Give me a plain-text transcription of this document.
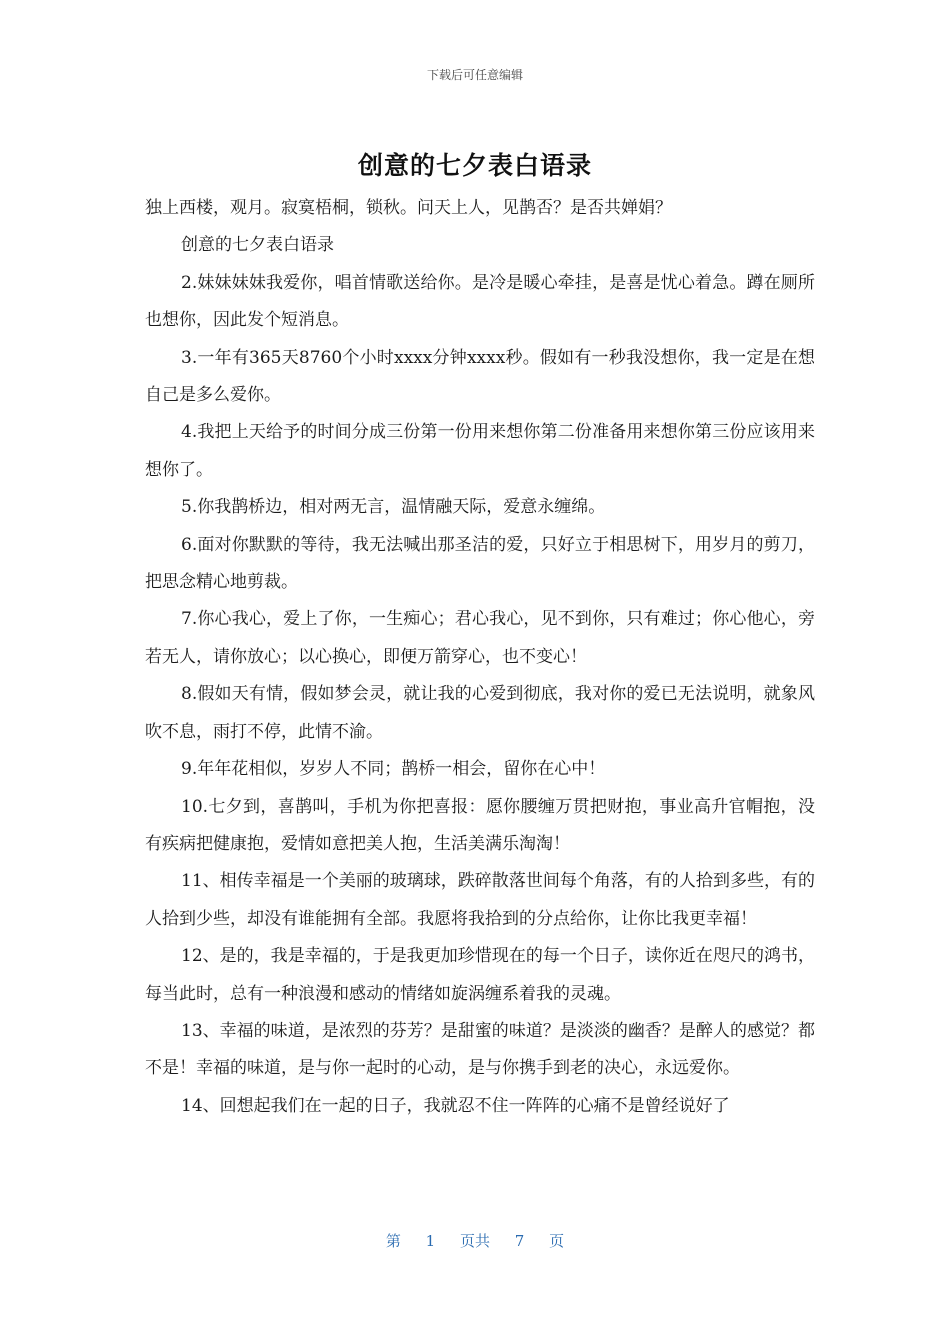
下载后可任意编辑
创意的七夕表白语录

独上西楼，观月。寂寞梧桐，锁秋。问天上人，见鹊否？是否共婵娟？

创意的七夕表白语录

2.妹妹妹妹我爱你，唱首情歌送给你。是冷是暖心牵挂，是喜是忧心着急。蹲在厕所也想你，因此发个短消息。

3.一年有365天8760个小时xxxx分钟xxxx秒。假如有一秒我没想你，我一定是在想自己是多么爱你。

4.我把上天给予的时间分成三份第一份用来想你第二份准备用来想你第三份应该用来想你了。

5.你我鹊桥边，相对两无言，温情融天际，爱意永缠绵。

6.面对你默默的等待，我无法喊出那圣洁的爱，只好立于相思树下，用岁月的剪刀，把思念精心地剪裁。

7.你心我心，爱上了你，一生痴心；君心我心，见不到你，只有难过；你心他心，旁若无人，请你放心；以心换心，即便万箭穿心，也不变心！

8.假如天有情，假如梦会灵，就让我的心爱到彻底，我对你的爱已无法说明，就象风吹不息，雨打不停，此情不渝。

9.年年花相似，岁岁人不同；鹊桥一相会，留你在心中！

10.七夕到，喜鹊叫，手机为你把喜报：愿你腰缠万贯把财抱，事业高升官帽抱，没有疾病把健康抱，爱情如意把美人抱，生活美满乐淘淘！

11、相传幸福是一个美丽的玻璃球，跌碎散落世间每个角落，有的人拾到多些，有的人拾到少些，却没有谁能拥有全部。我愿将我拾到的分点给你，让你比我更幸福！

12、是的，我是幸福的，于是我更加珍惜现在的每一个日子，读你近在咫尺的鸿书，每当此时，总有一种浪漫和感动的情绪如旋涡缠系着我的灵魂。

13、幸福的味道，是浓烈的芬芳？是甜蜜的味道？是淡淡的幽香？是醉人的感觉？都不是！幸福的味道，是与你一起时的心动，是与你携手到老的决心，永远爱你。

14、回想起我们在一起的日子，我就忍不住一阵阵的心痛不是曾经说好了

第 1 页共 7 页
